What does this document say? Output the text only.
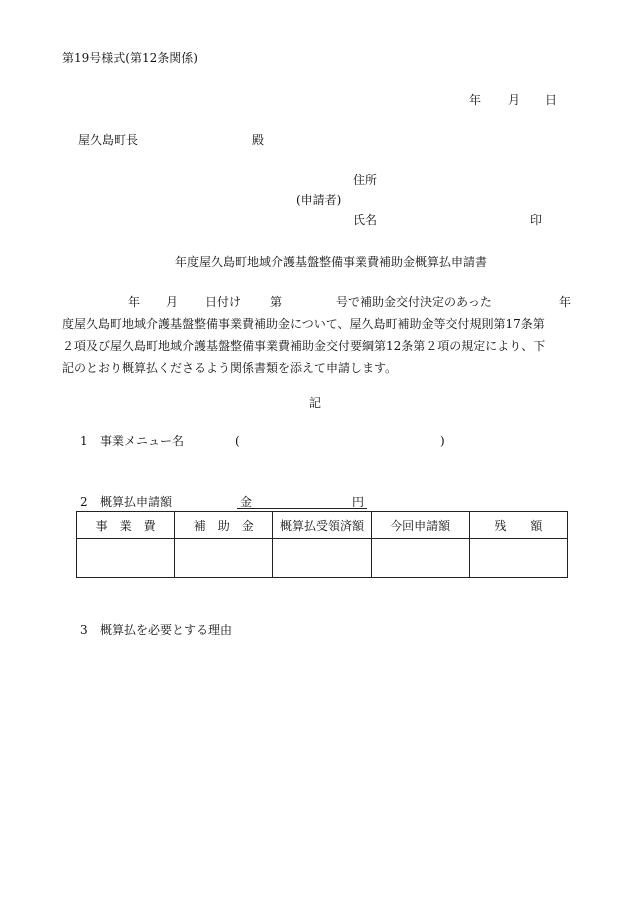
第19号様式(第12条関係)
年 月 日
屋久島町長	殿
住所
(申請者)
氏名	印
年度屋久島町地域介護基盤整備事業費補助金概算払申請書
年 月 日付け 第	号で補助金交付決定のあった	年
度屋久島町地域介護基盤整備事業費補助金について、屋久島町補助金等交付規則第17条第
２項及び屋久島町地域介護基盤整備事業費補助金交付要綱第12条第２項の規定により、下
記のとおり概算払くださるよう関係書類を添えて申請します。
記
1 事業メニュー名	(	)
2 概算払申請額	金	円
事　業　費	補　助　金	概算払受領済額	今回申請額	残　　額

3 概算払を必要とする理由
